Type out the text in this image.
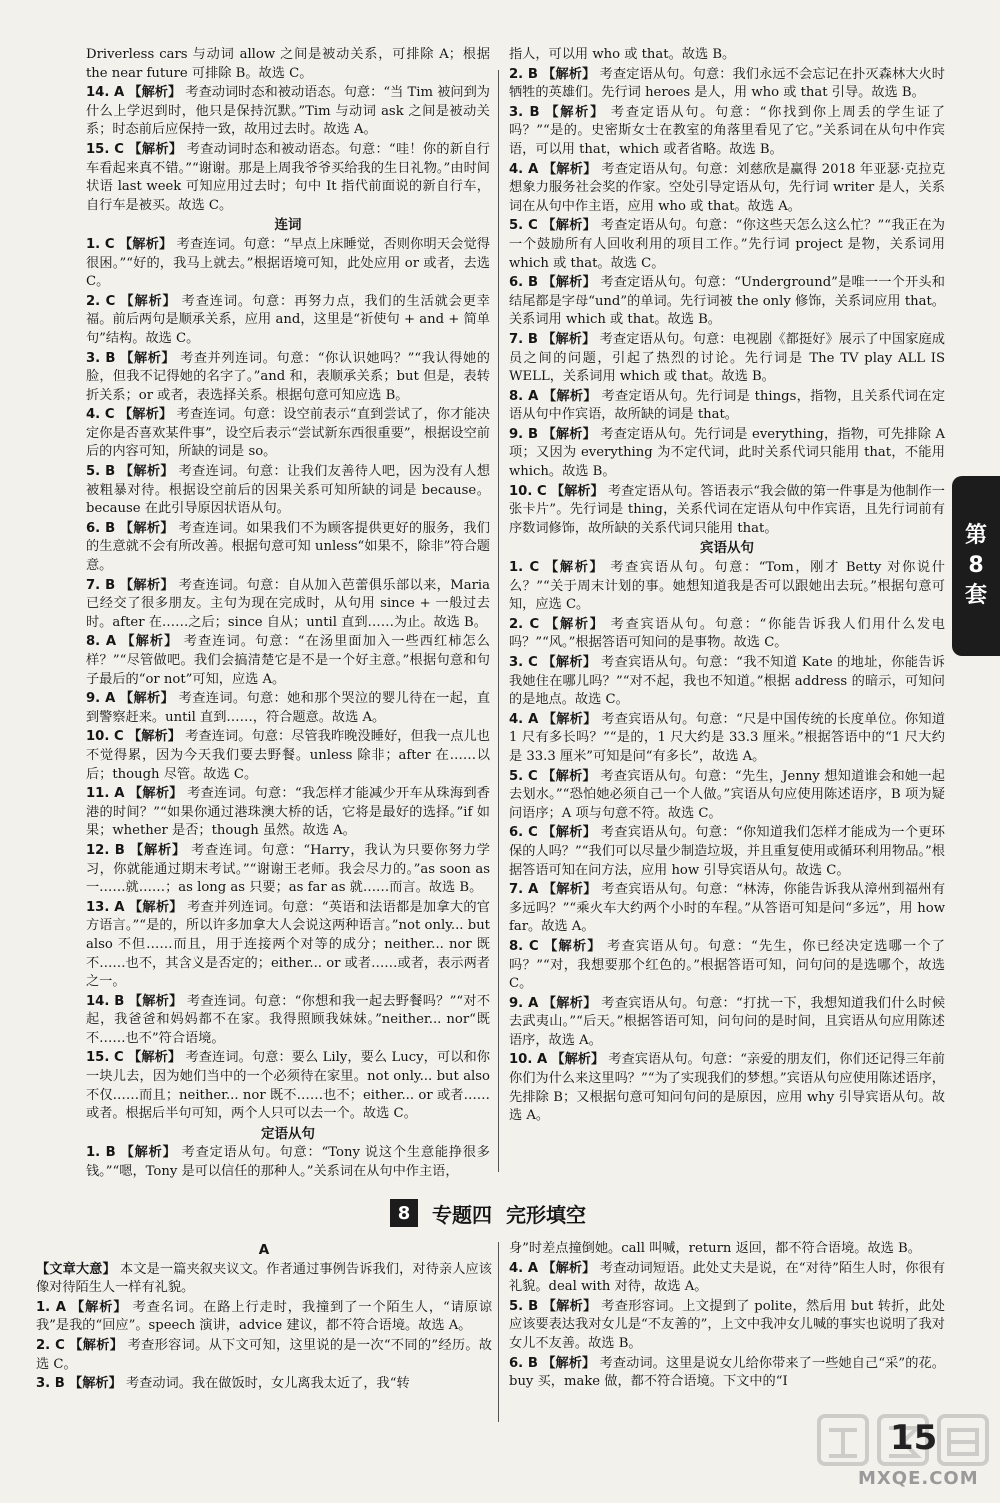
Driverless cars 与动词 allow 之间是被动关系，可排除 A；根据 the near future 可排除 B。故选 C。
14. A 【解析】 考查动词时态和被动语态。句意：“当 Tim 被问到为什么上学迟到时，他只是保持沉默。”Tim 与动词 ask 之间是被动关系；时态前后应保持一致，故用过去时。故选 A。
15. C 【解析】 考查动词时态和被动语态。句意：“哇！你的新自行车看起来真不错。”“谢谢。那是上周我爷爷买给我的生日礼物。”由时间状语 last week 可知应用过去时；句中 It 指代前面说的新自行车，自行车是被买。故选 C。
连词
1. C 【解析】 考查连词。句意：“早点上床睡觉，否则你明天会觉得很困。”“好的，我马上就去。”根据语境可知，此处应用 or 或者，去选 C。
2. C 【解析】 考查连词。句意：再努力点，我们的生活就会更幸福。前后两句是顺承关系，应用 and，这里是“祈使句 + and + 简单句”结构。故选 C。
3. B 【解析】 考查并列连词。句意：“你认识她吗？”“我认得她的脸，但我不记得她的名字了。”and 和，表顺承关系；but 但是，表转折关系；or 或者，表选择关系。根据句意可知应选 B。
4. C 【解析】 考查连词。句意：设空前表示“直到尝试了，你才能决定你是否喜欢某件事”，设空后表示“尝试新东西很重要”，根据设空前后的内容可知，所缺的词是 so。
5. B 【解析】 考查连词。句意：让我们友善待人吧，因为没有人想被粗暴对待。根据设空前后的因果关系可知所缺的词是 because。because 在此引导原因状语从句。
6. B 【解析】 考查连词。如果我们不为顾客提供更好的服务，我们的生意就不会有所改善。根据句意可知 unless“如果不，除非”符合题意。
7. B 【解析】 考查连词。句意：自从加入芭蕾俱乐部以来，Maria 已经交了很多朋友。主句为现在完成时，从句用 since + 一般过去时。after 在……之后；since 自从；until 直到……为止。故选 B。
8. A 【解析】 考查连词。句意：“在汤里面加入一些西红柿怎么样？”“尽管做吧。我们会搞清楚它是不是一个好主意。”根据句意和句子最后的“or not”可知，应选 A。
9. A 【解析】 考查连词。句意：她和那个哭泣的婴儿待在一起，直到警察赶来。until 直到……，符合题意。故选 A。
10. C 【解析】 考查连词。句意：尽管我昨晚没睡好，但我一点儿也不觉得累，因为今天我们要去野餐。unless 除非；after 在……以后；though 尽管。故选 C。
11. A 【解析】 考查连词。句意：“我怎样才能减少开车从珠海到香港的时间？”“如果你通过港珠澳大桥的话，它将是最好的选择。”if 如果；whether 是否；though 虽然。故选 A。
12. B 【解析】 考查连词。句意：“Harry，我认为只要你努力学习，你就能通过期末考试。”“谢谢王老师。我会尽力的。”as soon as 一……就……；as long as 只要；as far as 就……而言。故选 B。
13. A 【解析】 考查并列连词。句意：“英语和法语都是加拿大的官方语言。”“是的，所以许多加拿大人会说这两种语言。”not only... but also 不但……而且，用于连接两个对等的成分；neither... nor 既不……也不，其含义是否定的；either... or 或者……或者，表示两者之一。
14. B 【解析】 考查连词。句意：“你想和我一起去野餐吗？”“对不起，我爸爸和妈妈都不在家。我得照顾我妹妹。”neither... nor“既不……也不”符合语境。
15. C 【解析】 考查连词。句意：要么 Lily，要么 Lucy，可以和你一块儿去，因为她们当中的一个必须待在家里。not only... but also 不仅……而且；neither... nor 既不……也不；either... or 或者……或者。根据后半句可知，两个人只可以去一个。故选 C。
定语从句
1. B 【解析】 考查定语从句。句意：“Tony 说这个生意能挣很多钱。”“嗯，Tony 是可以信任的那种人。”关系词在从句中作主语，
指人，可以用 who 或 that。故选 B。
2. B 【解析】 考查定语从句。句意：我们永远不会忘记在扑灭森林大火时牺牲的英雄们。先行词 heroes 是人，用 who 或 that 引导。故选 B。
3. B 【解析】 考查定语从句。句意：“你找到你上周丢的学生证了吗？”“是的。史密斯女士在教室的角落里看见了它。”关系词在从句中作宾语，可以用 that，which 或者省略。故选 B。
4. A 【解析】 考查定语从句。句意：刘慈欣是赢得 2018 年亚瑟·克拉克想象力服务社会奖的作家。空处引导定语从句，先行词 writer 是人，关系词在从句中作主语，应用 who 或 that。故选 A。
5. C 【解析】 考查定语从句。句意：“你这些天怎么这么忙？”“我正在为一个鼓励所有人回收利用的项目工作。”先行词 project 是物，关系词用 which 或 that。故选 C。
6. B 【解析】 考查定语从句。句意：“Underground”是唯一一个开头和结尾都是字母“und”的单词。先行词被 the only 修饰，关系词应用 that。关系词用 which 或 that。故选 B。
7. B 【解析】 考查定语从句。句意：电视剧《都挺好》展示了中国家庭成员之间的问题，引起了热烈的讨论。先行词是 The TV play ALL IS WELL，关系词用 which 或 that。故选 B。
8. A 【解析】 考查定语从句。先行词是 things，指物，且关系代词在定语从句中作宾语，故所缺的词是 that。
9. B 【解析】 考查定语从句。先行词是 everything，指物，可先排除 A 项；又因为 everything 为不定代词，此时关系代词只能用 that，不能用 which。故选 B。
10. C 【解析】 考查定语从句。答语表示“我会做的第一件事是为他制作一张卡片”。先行词是 thing，关系代词在定语从句中作宾语，且先行词前有序数词修饰，故所缺的关系代词只能用 that。
宾语从句
1. C 【解析】 考查宾语从句。句意：“Tom，刚才 Betty 对你说什么？”“关于周末计划的事。她想知道我是否可以跟她出去玩。”根据句意可知，应选 C。
2. C 【解析】 考查宾语从句。句意：“你能告诉我人们用什么发电吗？”“风。”根据答语可知问的是事物。故选 C。
3. C 【解析】 考查宾语从句。句意：“我不知道 Kate 的地址，你能告诉我她住在哪儿吗？”“对不起，我也不知道。”根据 address 的暗示，可知问的是地点。故选 C。
4. A 【解析】 考查宾语从句。句意：“尺是中国传统的长度单位。你知道 1 尺有多长吗？”“是的，1 尺大约是 33.3 厘米。”根据答语中的“1 尺大约是 33.3 厘米”可知是问“有多长”，故选 A。
5. C 【解析】 考查宾语从句。句意：“先生，Jenny 想知道谁会和她一起去划水。”“恐怕她必须自己一个人做。”宾语从句应使用陈述语序，B 项为疑问语序；A 项与句意不符。故选 C。
6. C 【解析】 考查宾语从句。句意：“你知道我们怎样才能成为一个更环保的人吗？”“我们可以尽量少制造垃圾，并且重复使用或循环利用物品。”根据答语可知在问方法，应用 how 引导宾语从句。故选 C。
7. A 【解析】 考查宾语从句。句意：“林涛，你能告诉我从漳州到福州有多远吗？”“乘火车大约两个小时的车程。”从答语可知是问“多远”，用 how far。故选 A。
8. C 【解析】 考查宾语从句。句意：“先生，你已经决定选哪一个了吗？”“对，我想要那个红色的。”根据答语可知，问句问的是选哪个，故选 C。
9. A 【解析】 考查宾语从句。句意：“打扰一下，我想知道我们什么时候去武夷山。”“后天。”根据答语可知，问句问的是时间，且宾语从句应用陈述语序，故选 A。
10. A 【解析】 考查宾语从句。句意：“亲爱的朋友们，你们还记得三年前你们为什么来这里吗？”“为了实现我们的梦想。”宾语从句应使用陈述语序，先排除 B；又根据句意可知问句问的是原因，应用 why 引导宾语从句。故选 A。
第
8
套
8	专题四 完形填空
A
【文章大意】 本文是一篇夹叙夹议文。作者通过事例告诉我们，对待亲人应该像对待陌生人一样有礼貌。
1. A 【解析】 考查名词。在路上行走时，我撞到了一个陌生人，“请原谅我”是我的“回应”。speech 演讲，advice 建议，都不符合语境。故选 A。
2. C 【解析】 考查形容词。从下文可知，这里说的是一次“不同的”经历。故选 C。
3. B 【解析】 考查动词。我在做饭时，女儿离我太近了，我“转
身”时差点撞倒她。call 叫喊，return 返回，都不符合语境。故选 B。
4. A 【解析】 考查动词短语。此处丈夫是说，在“对待”陌生人时，你很有礼貌。deal with 对待，故选 A。
5. B 【解析】 考查形容词。上文提到了 polite，然后用 but 转折，此处应该要表达我对女儿是“不友善的”，上文中我冲女儿喊的事实也说明了我对女儿不友善。故选 B。
6. B 【解析】 考查动词。这里是说女儿给你带来了一些她自己“采”的花。buy 买，make 做，都不符合语境。下文中的“I
15
MXQE.COM
